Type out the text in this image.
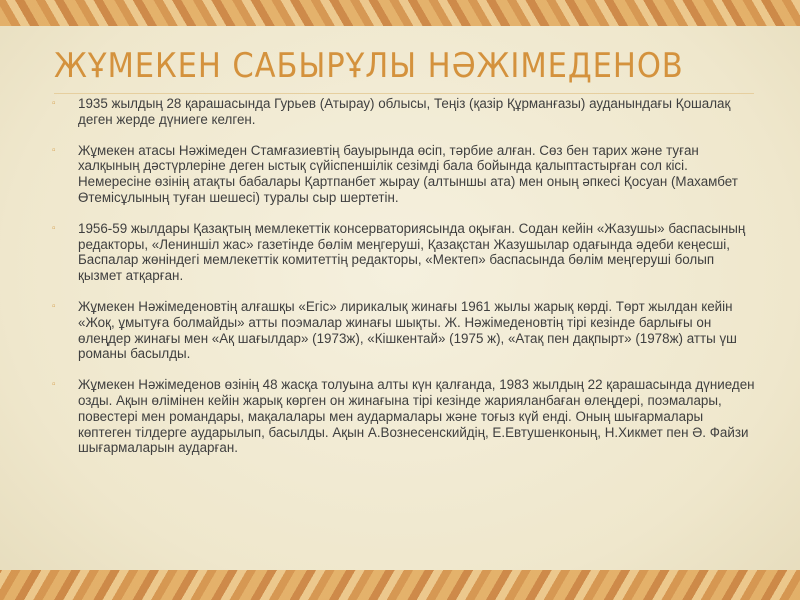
ЖҰМЕКЕН САБЫРҰЛЫ НӘЖІМЕДЕНОВ
▫	1935 жылдың 28 қарашасында Гурьев (Атырау) облысы, Теңіз (қазір Құрманғазы) ауданындағы Қошалақ деген жерде дүниеге келген.
▫	Жұмекен атасы Нәжімеден Стамғазиевтің бауырында өсіп, тәрбие алған. Сөз бен тарих және туған халқының дәстүрлеріне деген ыстық сүйіспеншілік сезімді бала бойында қалыптастырған сол кісі. Немересіне өзінің атақты бабалары Қартпанбет жырау (алтыншы ата) мен оның әпкесі Қосуан (Махамбет Өтемісұлының туған шешесі) туралы сыр шертетін.
▫	1956-59 жылдары Қазақтың мемлекеттік консерваториясында оқыған. Содан кейін «Жазушы» баспасының редакторы, «Лениншіл жас» газетінде бөлім меңгеруші, Қазақстан Жазушылар одағында әдеби кеңесші, Баспалар жөніндегі мемлекеттік комитеттің редакторы, «Мектеп» баспасында бөлім меңгеруші болып қызмет атқарған.
▫	Жұмекен Нәжімеденовтің алғашқы «Егіс» лирикалық жинағы 1961 жылы жарық көрді. Төрт жылдан кейін «Жоқ, ұмытуға болмайды» атты поэмалар жинағы шықты. Ж. Нәжімеденовтің тірі кезінде барлығы он өлеңдер жинағы мен «Ақ шағылдар» (1973ж), «Кішкентай» (1975 ж), «Атақ пен дақпырт» (1978ж) атты үш романы басылды.
▫	Жұмекен Нәжімеденов өзінің 48 жасқа толуына алты күн қалғанда, 1983 жылдың 22 қарашасында дүниеден озды. Ақын өлімінен кейін жарық көрген он жинағына тірі кезінде жарияланбаған өлеңдері, поэмалары, повестері мен романдары, мақалалары мен аудармалары және тоғыз күй енді. Оның шығармалары көптеген тілдерге аударылып, басылды. Ақын А.Вознесенскийдің, Е.Евтушенконың, Н.Хикмет пен Ә. Файзи шығармаларын аударған.
